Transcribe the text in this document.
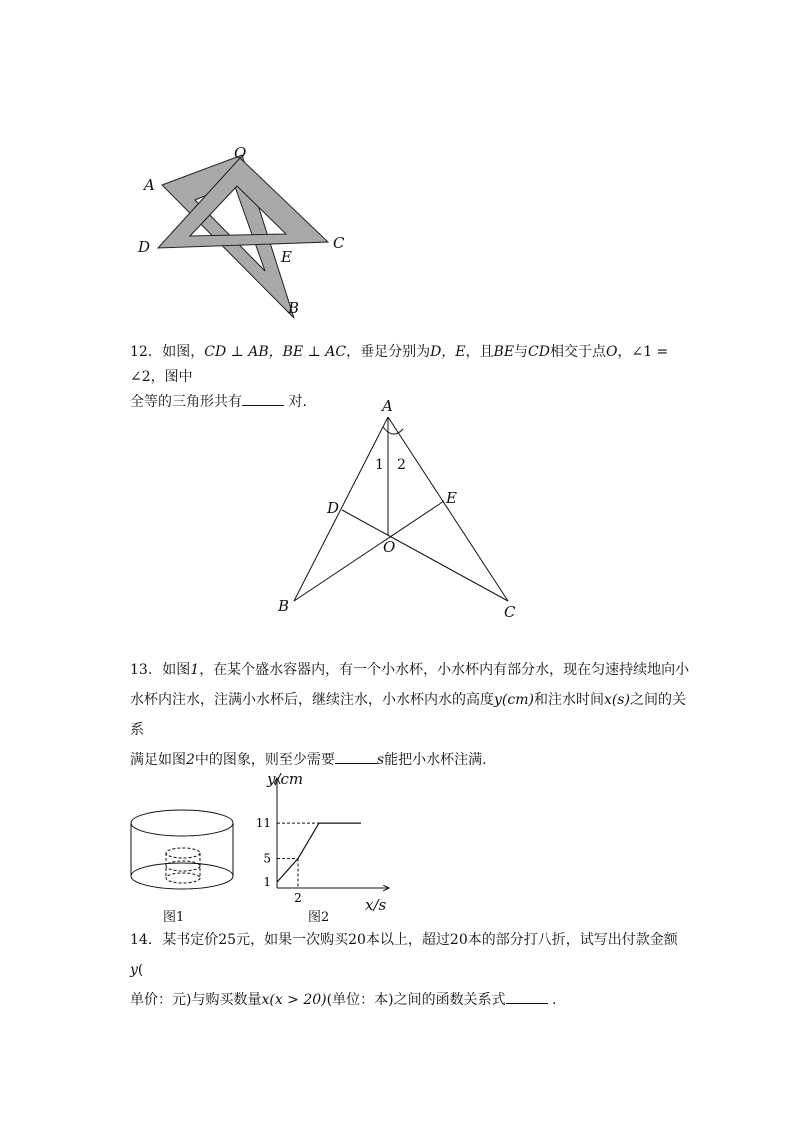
A
O
C
D
E
B
12. 如图，CD ⊥ AB，BE ⊥ AC，垂足分别为D，E，且BE与CD相交于点O，∠1 = ∠2，图中
全等的三角形共有	对.	A
B	C
D
E
O
1 2
13. 如图1，在某个盛水容器内，有一个小水杯，小水杯内有部分水，现在匀速持续地向小
水杯内注水，注满小水杯后，继续注水，小水杯内水的高度y(cm)和注水时间x(s)之间的关系
满足如图2中的图象，则至少需要	s能把小水杯注满.
图1
1
5
11
2
y/cm
x/s
图2
14. 某书定价25元，如果一次购买20本以上，超过20本的部分打八折，试写出付款金额y(
单价：元)与购买数量x(x > 20)(单位：本)之间的函数关系式	.
